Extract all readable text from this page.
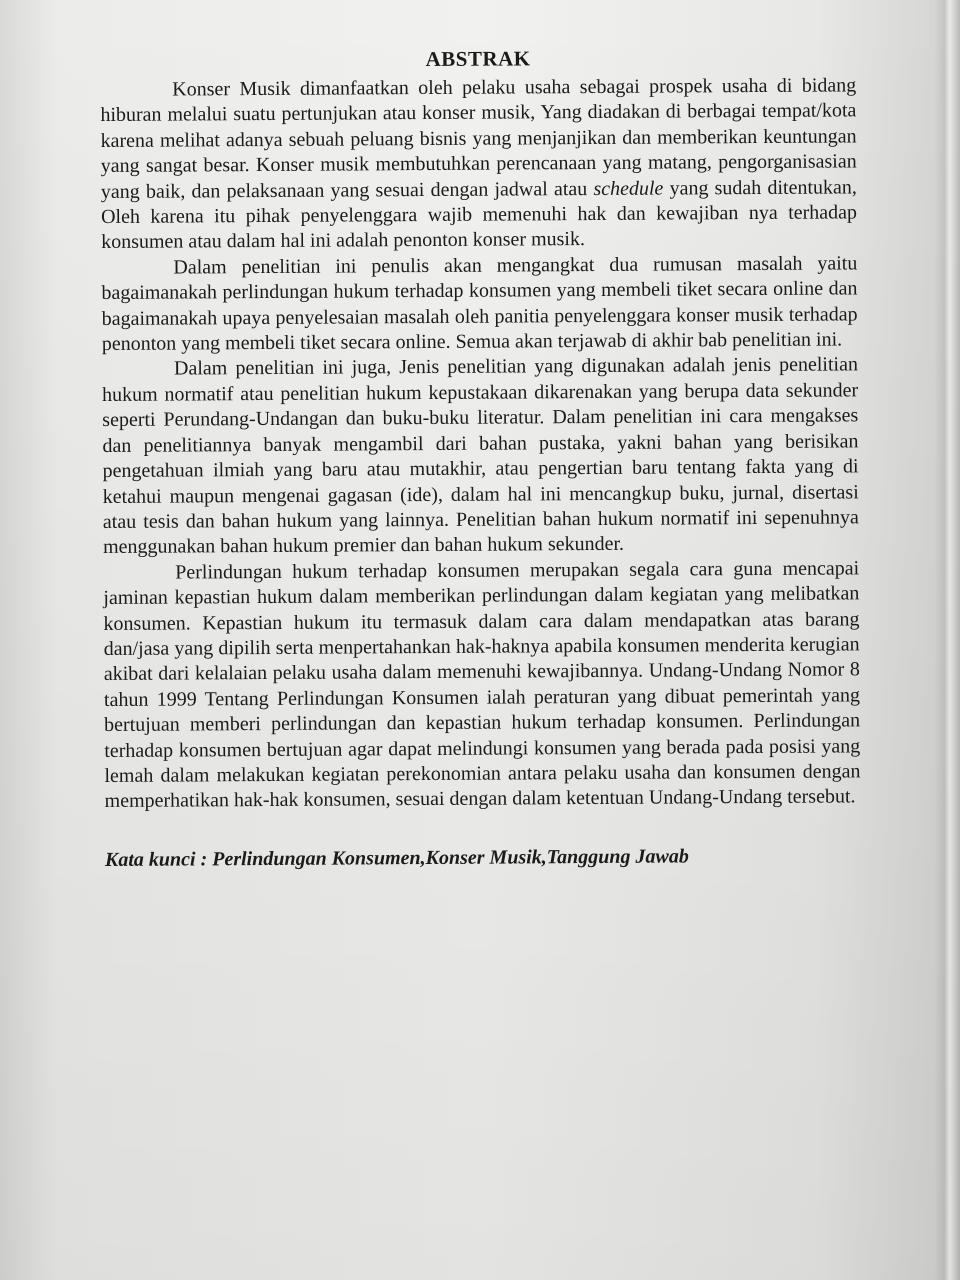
ABSTRAK

Konser Musik dimanfaatkan oleh pelaku usaha sebagai prospek usaha di bidang hiburan melalui suatu pertunjukan atau konser musik, Yang diadakan di berbagai tempat/kota karena melihat adanya sebuah peluang bisnis yang menjanjikan dan memberikan keuntungan yang sangat besar. Konser musik membutuhkan perencanaan yang matang, pengorganisasian yang baik, dan pelaksanaan yang sesuai dengan jadwal atau schedule yang sudah ditentukan, Oleh karena itu pihak penyelenggara wajib memenuhi hak dan kewajiban nya terhadap konsumen atau dalam hal ini adalah penonton konser musik.

Dalam penelitian ini penulis akan mengangkat dua rumusan masalah yaitu bagaimanakah perlindungan hukum terhadap konsumen yang membeli tiket secara online dan bagaimanakah upaya penyelesaian masalah oleh panitia penyelenggara konser musik terhadap penonton yang membeli tiket secara online. Semua akan terjawab di akhir bab penelitian ini.

Dalam penelitian ini juga, Jenis penelitian yang digunakan adalah jenis penelitian hukum normatif atau penelitian hukum kepustakaan dikarenakan yang berupa data sekunder seperti Perundang-Undangan dan buku-buku literatur. Dalam penelitian ini cara mengakses dan penelitiannya banyak mengambil dari bahan pustaka, yakni bahan yang berisikan pengetahuan ilmiah yang baru atau mutakhir, atau pengertian baru tentang fakta yang di ketahui maupun mengenai gagasan (ide), dalam hal ini mencangkup buku, jurnal, disertasi atau tesis dan bahan hukum yang lainnya. Penelitian bahan hukum normatif ini sepenuhnya menggunakan bahan hukum premier dan bahan hukum sekunder.

Perlindungan hukum terhadap konsumen merupakan segala cara guna mencapai jaminan kepastian hukum dalam memberikan perlindungan dalam kegiatan yang melibatkan konsumen. Kepastian hukum itu termasuk dalam cara dalam mendapatkan atas barang dan/jasa yang dipilih serta menpertahankan hak-haknya apabila konsumen menderita kerugian akibat dari kelalaian pelaku usaha dalam memenuhi kewajibannya. Undang-Undang Nomor 8 tahun 1999 Tentang Perlindungan Konsumen ialah peraturan yang dibuat pemerintah yang bertujuan memberi perlindungan dan kepastian hukum terhadap konsumen. Perlindungan terhadap konsumen bertujuan agar dapat melindungi konsumen yang berada pada posisi yang lemah dalam melakukan kegiatan perekonomian antara pelaku usaha dan konsumen dengan memperhatikan hak-hak konsumen, sesuai dengan dalam ketentuan Undang-Undang tersebut.

Kata kunci : Perlindungan Konsumen,Konser Musik,Tanggung Jawab
